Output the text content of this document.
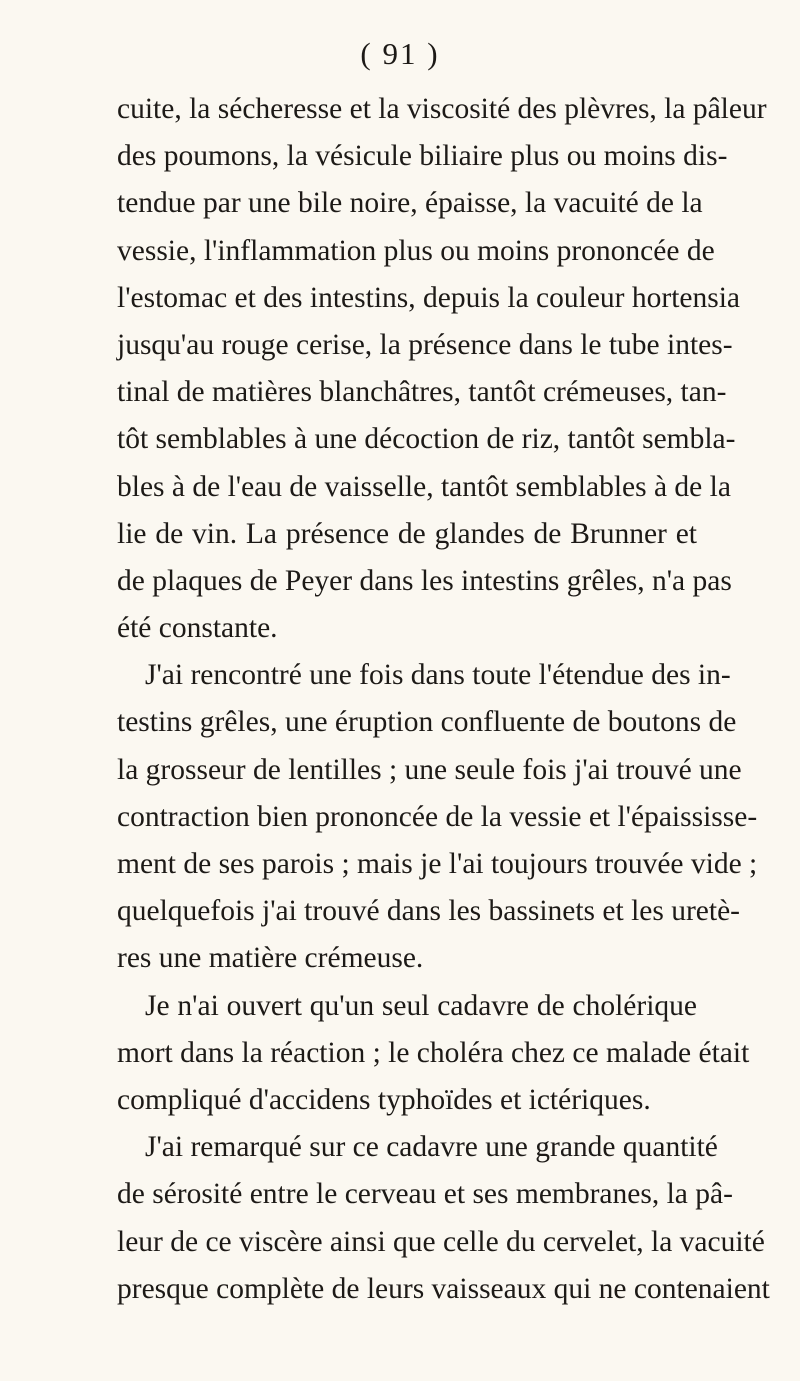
( 91 )
cuite, la sécheresse et la viscosité des plèvres, la pâleur
des poumons, la vésicule biliaire plus ou moins dis-
tendue par une bile noire, épaisse, la vacuité de la
vessie, l'inflammation plus ou moins prononcée de
l'estomac et des intestins, depuis la couleur hortensia
jusqu'au rouge cerise, la présence dans le tube intes-
tinal de matières blanchâtres, tantôt crémeuses, tan-
tôt semblables à une décoction de riz, tantôt sembla-
bles à de l'eau de vaisselle, tantôt semblables à de la
lie de vin. La présence de glandes de Brunner et
de plaques de Peyer dans les intestins grêles, n'a pas
été constante.
J'ai rencontré une fois dans toute l'étendue des in-
testins grêles, une éruption confluente de boutons de
la grosseur de lentilles ; une seule fois j'ai trouvé une
contraction bien prononcée de la vessie et l'épaississe-
ment de ses parois ; mais je l'ai toujours trouvée vide ;
quelquefois j'ai trouvé dans les bassinets et les uretè-
res une matière crémeuse.
Je n'ai ouvert qu'un seul cadavre de cholérique
mort dans la réaction ; le choléra chez ce malade était
compliqué d'accidens typhoïdes et ictériques.
J'ai remarqué sur ce cadavre une grande quantité
de sérosité entre le cerveau et ses membranes, la pâ-
leur de ce viscère ainsi que celle du cervelet, la vacuité
presque complète de leurs vaisseaux qui ne contenaient
